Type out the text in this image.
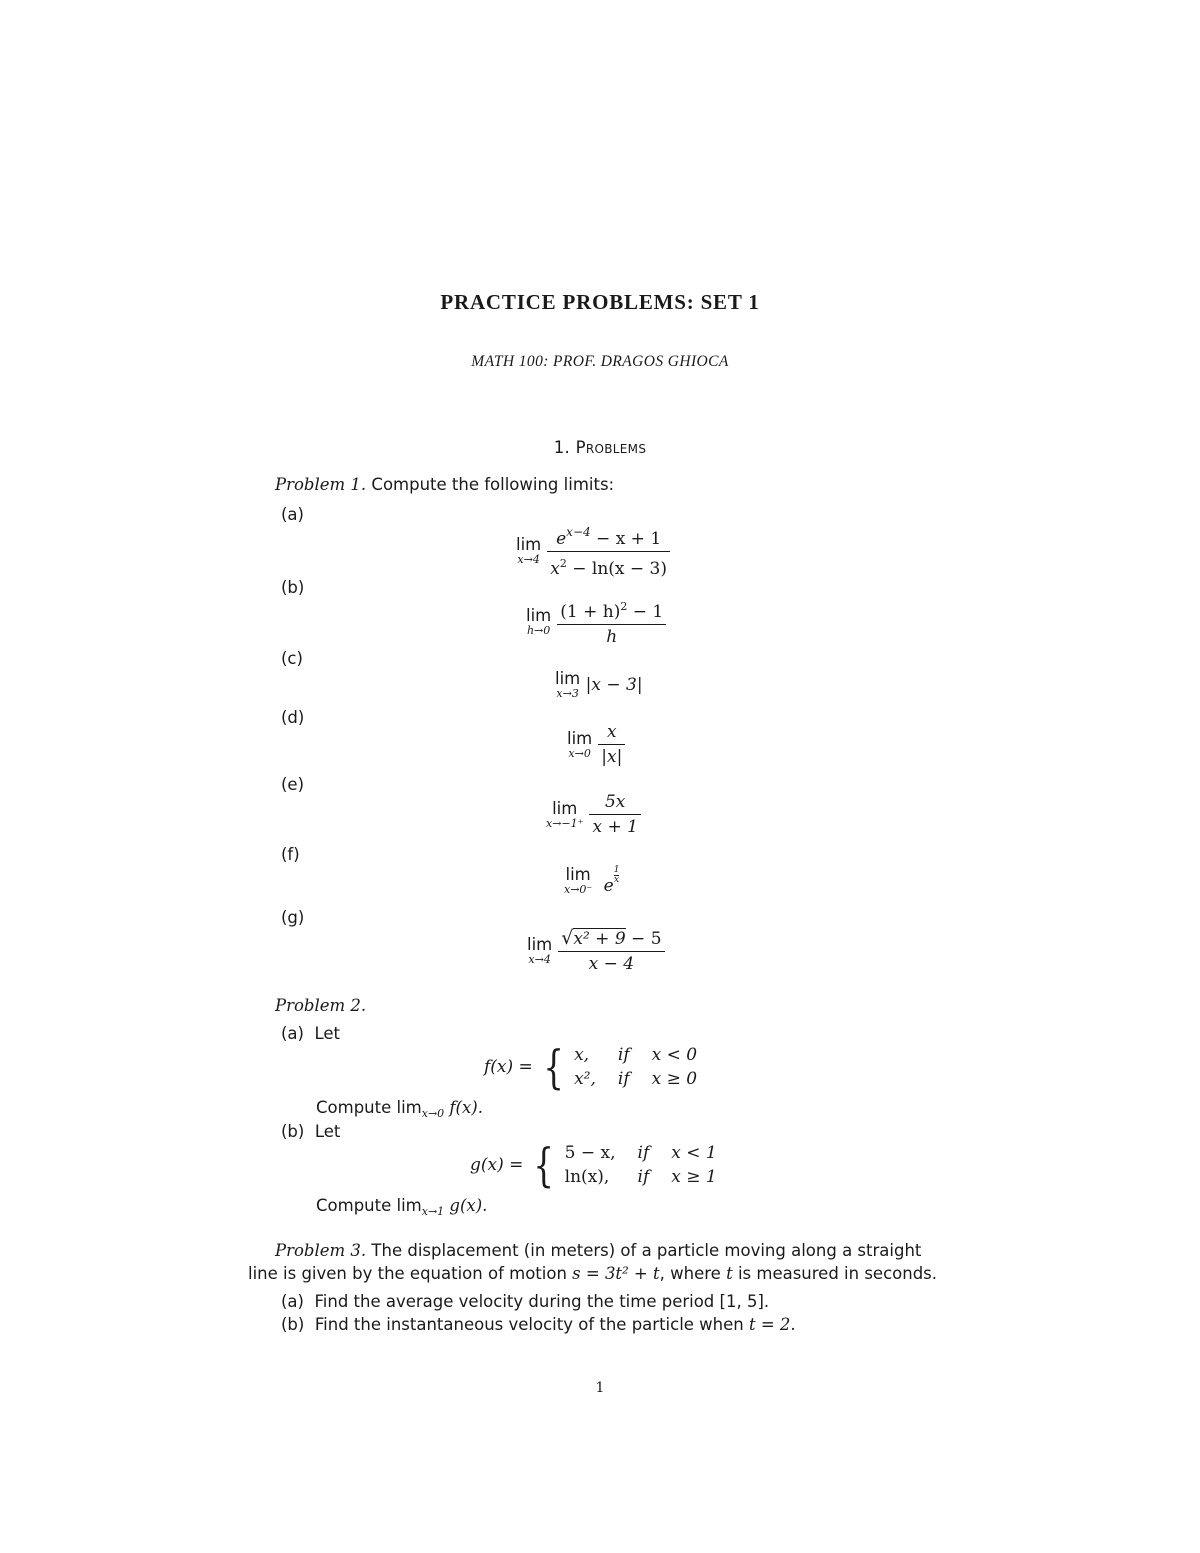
PRACTICE PROBLEMS: SET 1
MATH 100: PROF. DRAGOS GHIOCA
1. Problems
Problem 1. Compute the following limits:
(a)
lim
$x\to 4 \frac{e^{x-4} - x + 1}{x^2 - \ln(x - 3)}$
(b)
lim
$h\to 0 \frac{(1 + h)^2 - 1}{h}$
(c)
lim
x→3 |x − 3|
(d)
lim
$x\to 0 \frac{x}{|x|}$
(e)
lim
$x\to-1^+ \frac{5x}{x + 1}$
(f)
lim
x→0⁻ e
$\frac{1}{x}$
(g)
lim
$x\to 4 \frac{\text{√x² + 9 − 5}}{x - 4}$
Problem 2.
(a) Let
f(x) = { x,	if x < 0
x², if x ≥ 0
Compute $\lim_{x\to 0} f(x)$.
(b) Let
g(x) = { 5 − x, if x < 1
ln(x),	if x ≥ 1
Compute $\lim_{x\to 1} g(x)$.
Problem 3. The displacement (in meters) of a particle moving along a straight
line is given by the equation of motion s = 3t² + t, where t is measured in seconds.
(a) Find the average velocity during the time period [1, 5].
(b) Find the instantaneous velocity of the particle when t = 2.
1
